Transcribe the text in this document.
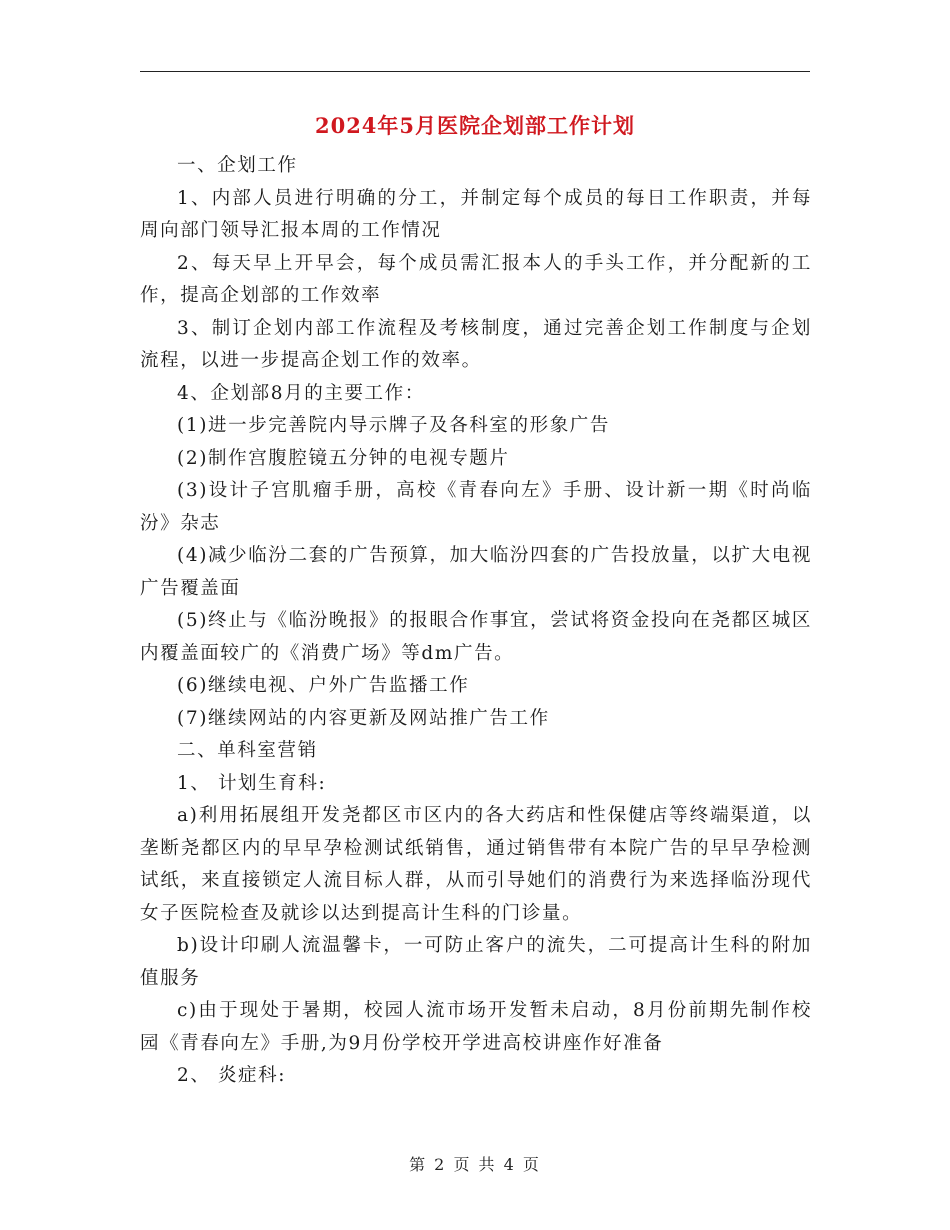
2024年5月医院企划部工作计划

一、企划工作

1、内部人员进行明确的分工，并制定每个成员的每日工作职责，并每周向部门领导汇报本周的工作情况

2、每天早上开早会，每个成员需汇报本人的手头工作，并分配新的工作，提高企划部的工作效率

3、制订企划内部工作流程及考核制度，通过完善企划工作制度与企划流程，以进一步提高企划工作的效率。

4、企划部8月的主要工作：

(1)进一步完善院内导示牌子及各科室的形象广告

(2)制作宫腹腔镜五分钟的电视专题片

(3)设计子宫肌瘤手册，高校《青春向左》手册、设计新一期《时尚临汾》杂志

(4)减少临汾二套的广告预算，加大临汾四套的广告投放量，以扩大电视广告覆盖面

(5)终止与《临汾晚报》的报眼合作事宜，尝试将资金投向在尧都区城区内覆盖面较广的《消费广场》等dm广告。

(6)继续电视、户外广告监播工作

(7)继续网站的内容更新及网站推广告工作

二、单科室营销

1、 计划生育科:

a)利用拓展组开发尧都区市区内的各大药店和性保健店等终端渠道，以垄断尧都区内的早早孕检测试纸销售，通过销售带有本院广告的早早孕检测试纸，来直接锁定人流目标人群，从而引导她们的消费行为来选择临汾现代女子医院检查及就诊以达到提高计生科的门诊量。

b)设计印刷人流温馨卡，一可防止客户的流失，二可提高计生科的附加值服务

c)由于现处于暑期，校园人流市场开发暂未启动，8月份前期先制作校园《青春向左》手册,为9月份学校开学进高校讲座作好准备

2、 炎症科:

第 2 页 共 4 页
